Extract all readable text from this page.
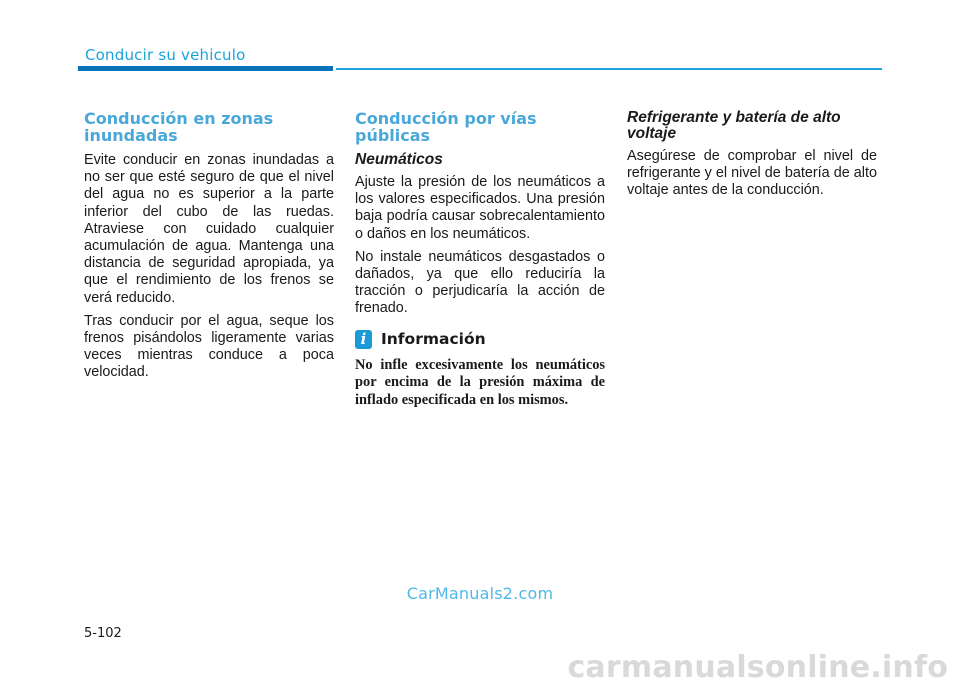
Conducir su vehiculo
Conducción en zonas inundadas

Evite conducir en zonas inundadas a no ser que esté seguro de que el nivel del agua no es superior a la parte inferior del cubo de las ruedas. Atraviese con cuidado cualquier acumulación de agua. Mantenga una distancia de seguridad apropiada, ya que el rendimiento de los frenos se verá reducido.

Tras conducir por el agua, seque los frenos pisándolos ligeramente varias veces mientras conduce a poca velocidad.

Conducción por vías públicas
Neumáticos

Ajuste la presión de los neumáticos a los valores especificados. Una presión baja podría causar sobrecalentamiento o daños en los neumáticos.

No instale neumáticos desgastados o dañados, ya que ello reduciría la tracción o perjudicaría la acción de frenado.

i Información

No infle excesivamente los neumáticos por encima de la presión máxima de inflado especificada en los mismos.

Refrigerante y batería de alto voltaje

Asegúrese de comprobar el nivel de refrigerante y el nivel de batería de alto voltaje antes de la conducción.

CarManuals2.com
5-102
carmanualsonline.info
